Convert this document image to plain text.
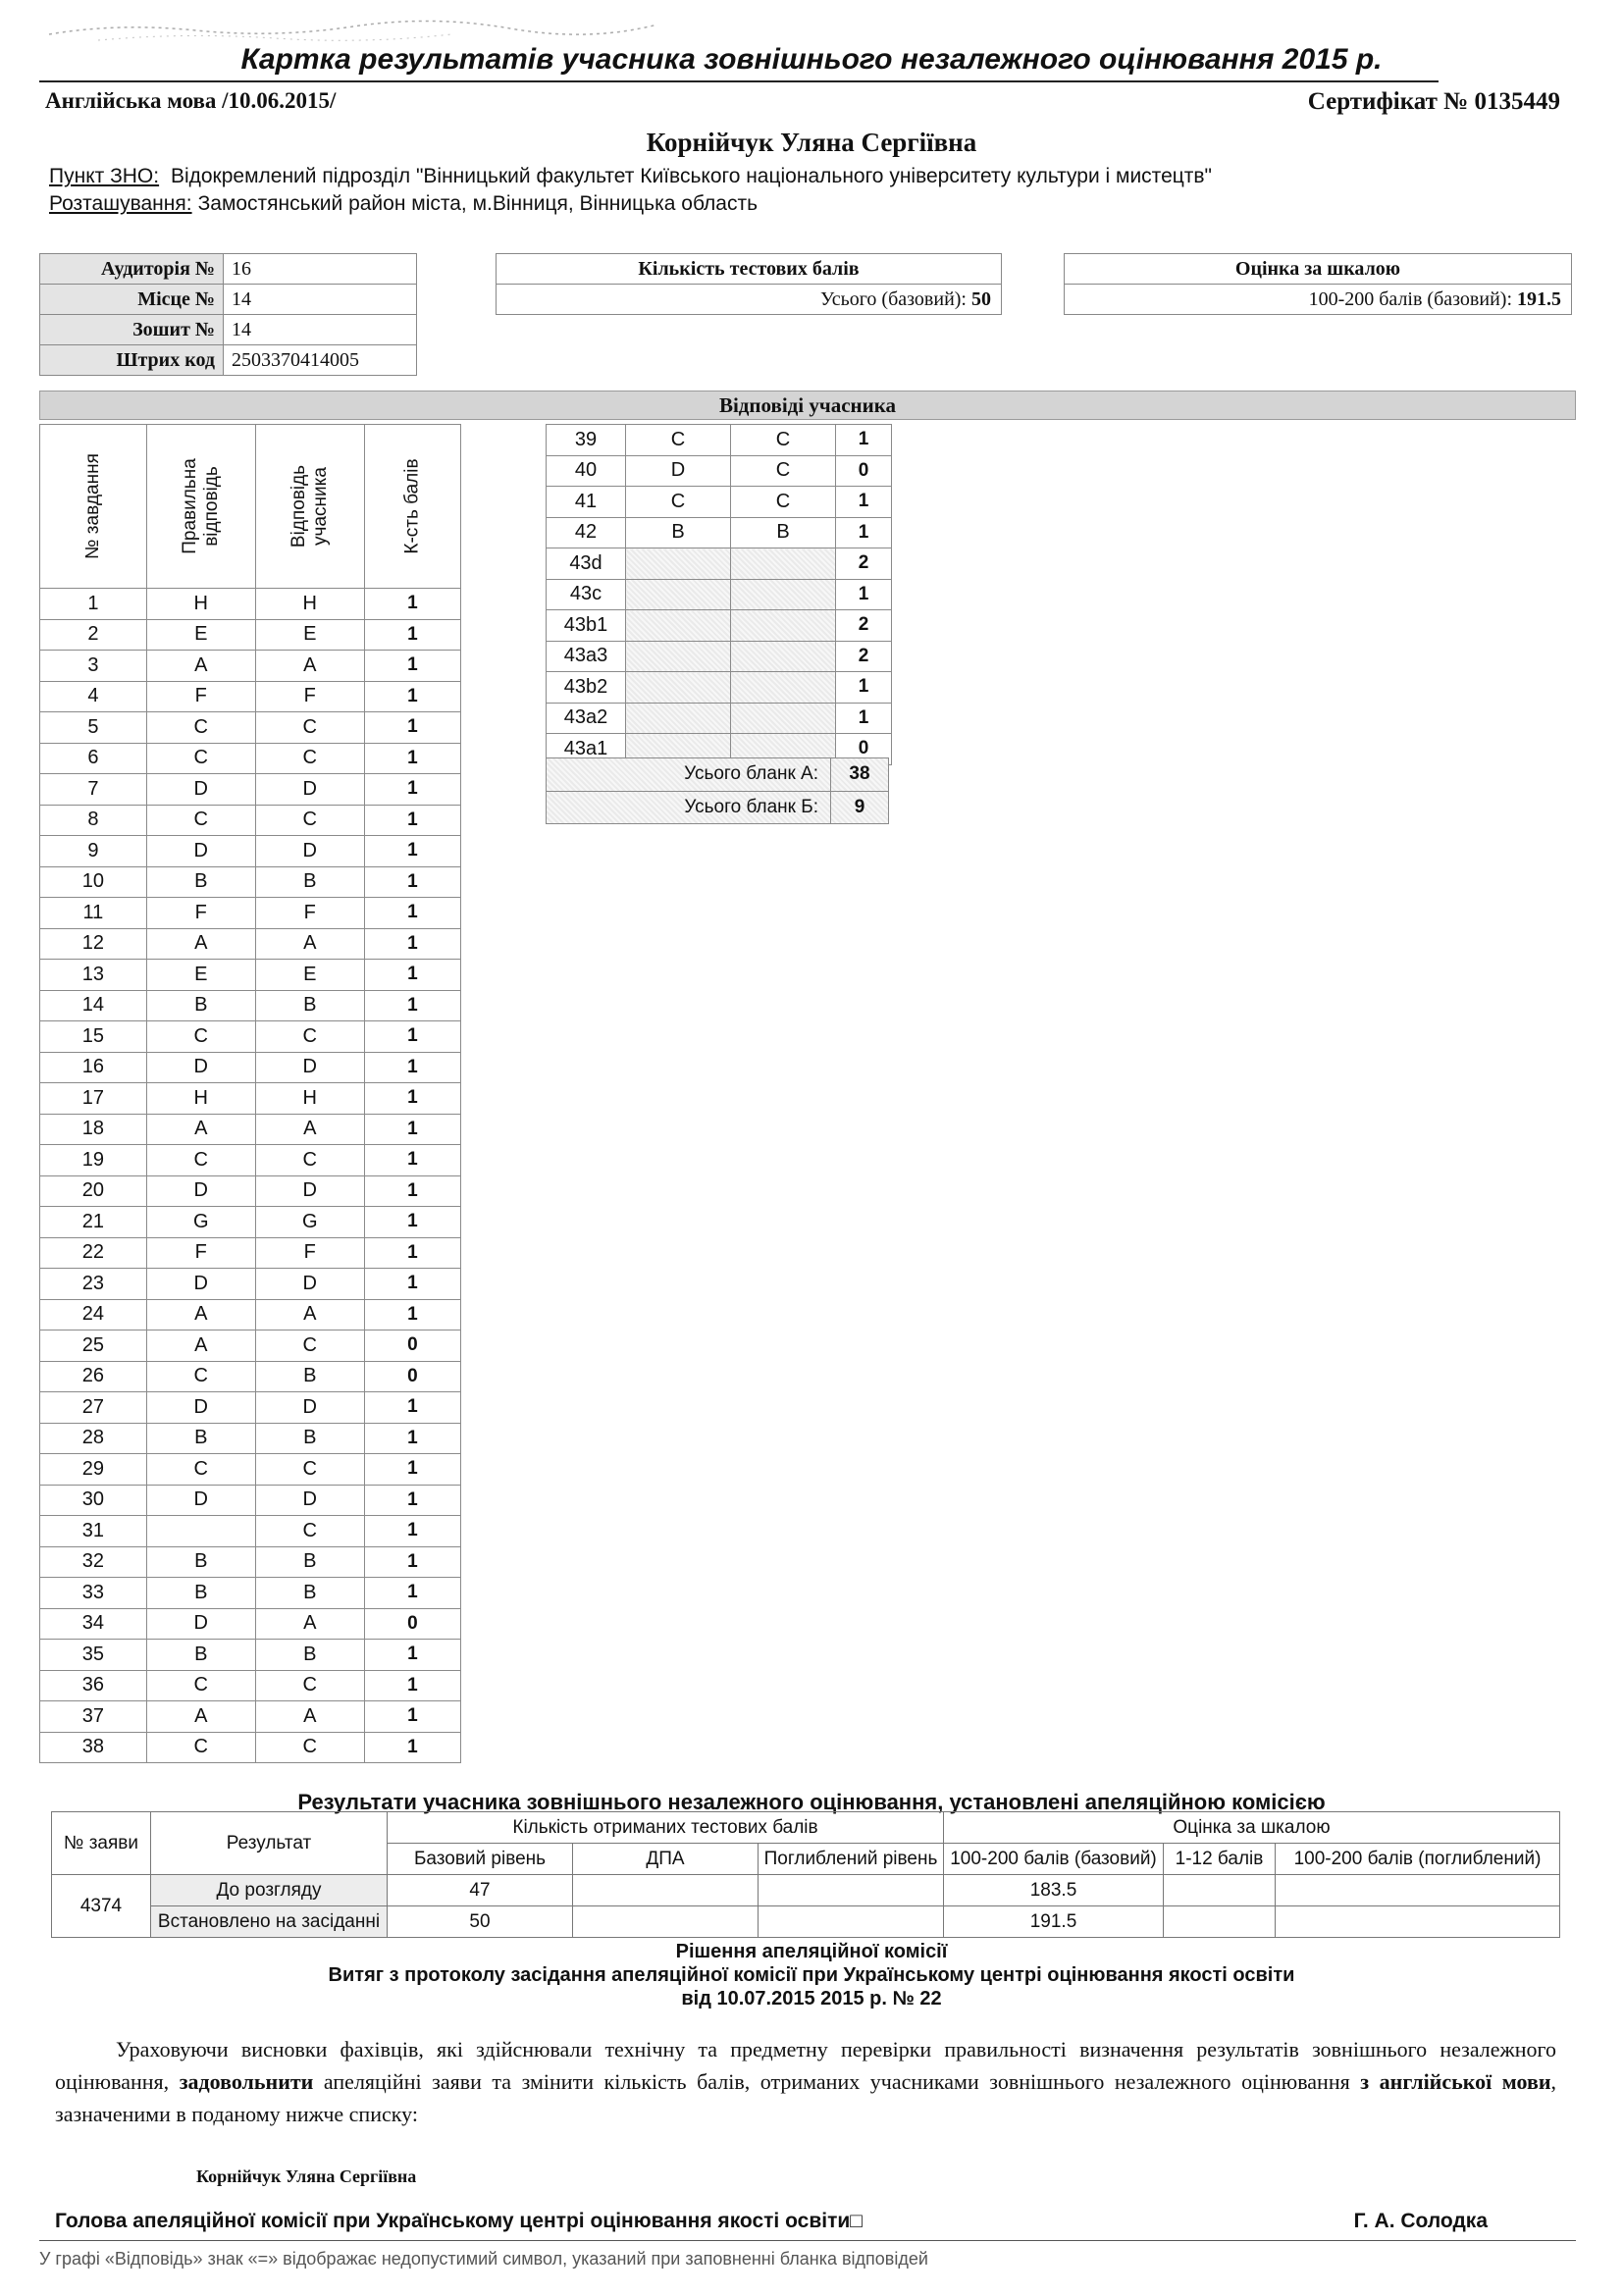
Картка результатів учасника зовнішнього незалежного оцінювання 2015 р.
Англійська мова /10.06.2015/	Сертифікат № 0135449
Корнійчук Уляна Сергіївна
Пункт ЗНО: Відокремлений підрозділ "Вінницький факультет Київського національного університету культури і мистецтв"
Розташування: Замостянський район міста, м.Вінниця, Вінницька область
Аудиторія №	16
Місце №	14
Зошит №	14
Штрих код	2503370414005
Кількість тестових балів
Усього (базовий): 50
Оцінка за шкалою
100-200 балів (базовий): 191.5
Відповіді учасника
№ завдання	Правильна відповідь	Відповідь учасника	К-сть балів

1	H	H	1
2	E	E	1
3	A	A	1
4	F	F	1
5	C	C	1
6	C	C	1
7	D	D	1
8	C	C	1
9	D	D	1
10	B	B	1
11	F	F	1
12	A	A	1
13	E	E	1
14	B	B	1
15	C	C	1
16	D	D	1
17	H	H	1
18	A	A	1
19	C	C	1
20	D	D	1
21	G	G	1
22	F	F	1
23	D	D	1
24	A	A	1
25	A	C	0
26	C	B	0
27	D	D	1
28	B	B	1
29	C	C	1
30	D	D	1
31		C	1
32	B	B	1
33	B	B	1
34	D	A	0
35	B	B	1
36	C	C	1
37	A	A	1
38	C	C	1
39	C	C	1
40	D	C	0
41	C	C	1
42	B	B	1
43d			2
43c			1
43b1			2
43a3			2
43b2			1
43a2			1
43a1			0
Усього бланк А:	38
Усього бланк Б:	9
Результати учасника зовнішнього незалежного оцінювання, установлені апеляційною комісією
№ заяви	Результат	Кількість отриманих тестових балів			Оцінка за шкалою		
		Базовий рівень	ДПА	Поглиблений рівень	100-200 балів (базовий)	1-12 балів	100-200 балів (поглиблений)
4374	До розгляду	47			183.5		
	Встановлено на засіданні	50			191.5		
Рішення апеляційної комісії
Витяг з протоколу засідання апеляційної комісії при Українському центрі оцінювання якості освіти
від 10.07.2015 2015 р. № 22
Ураховуючи висновки фахівців, які здійснювали технічну та предметну перевірки правильності визначення результатів зовнішнього незалежного оцінювання, задовольнити апеляційні заяви та змінити кількість балів, отриманих учасниками зовнішнього незалежного оцінювання з англійської мови, зазначеними в поданому нижче списку:
Корнійчук Уляна Сергіївна
Голова апеляційної комісії при Українському центрі оцінювання якості освіти□	Г. А. Солодка
У графі «Відповідь» знак «=» відображає недопустимий символ, указаний при заповненні бланка відповідей
